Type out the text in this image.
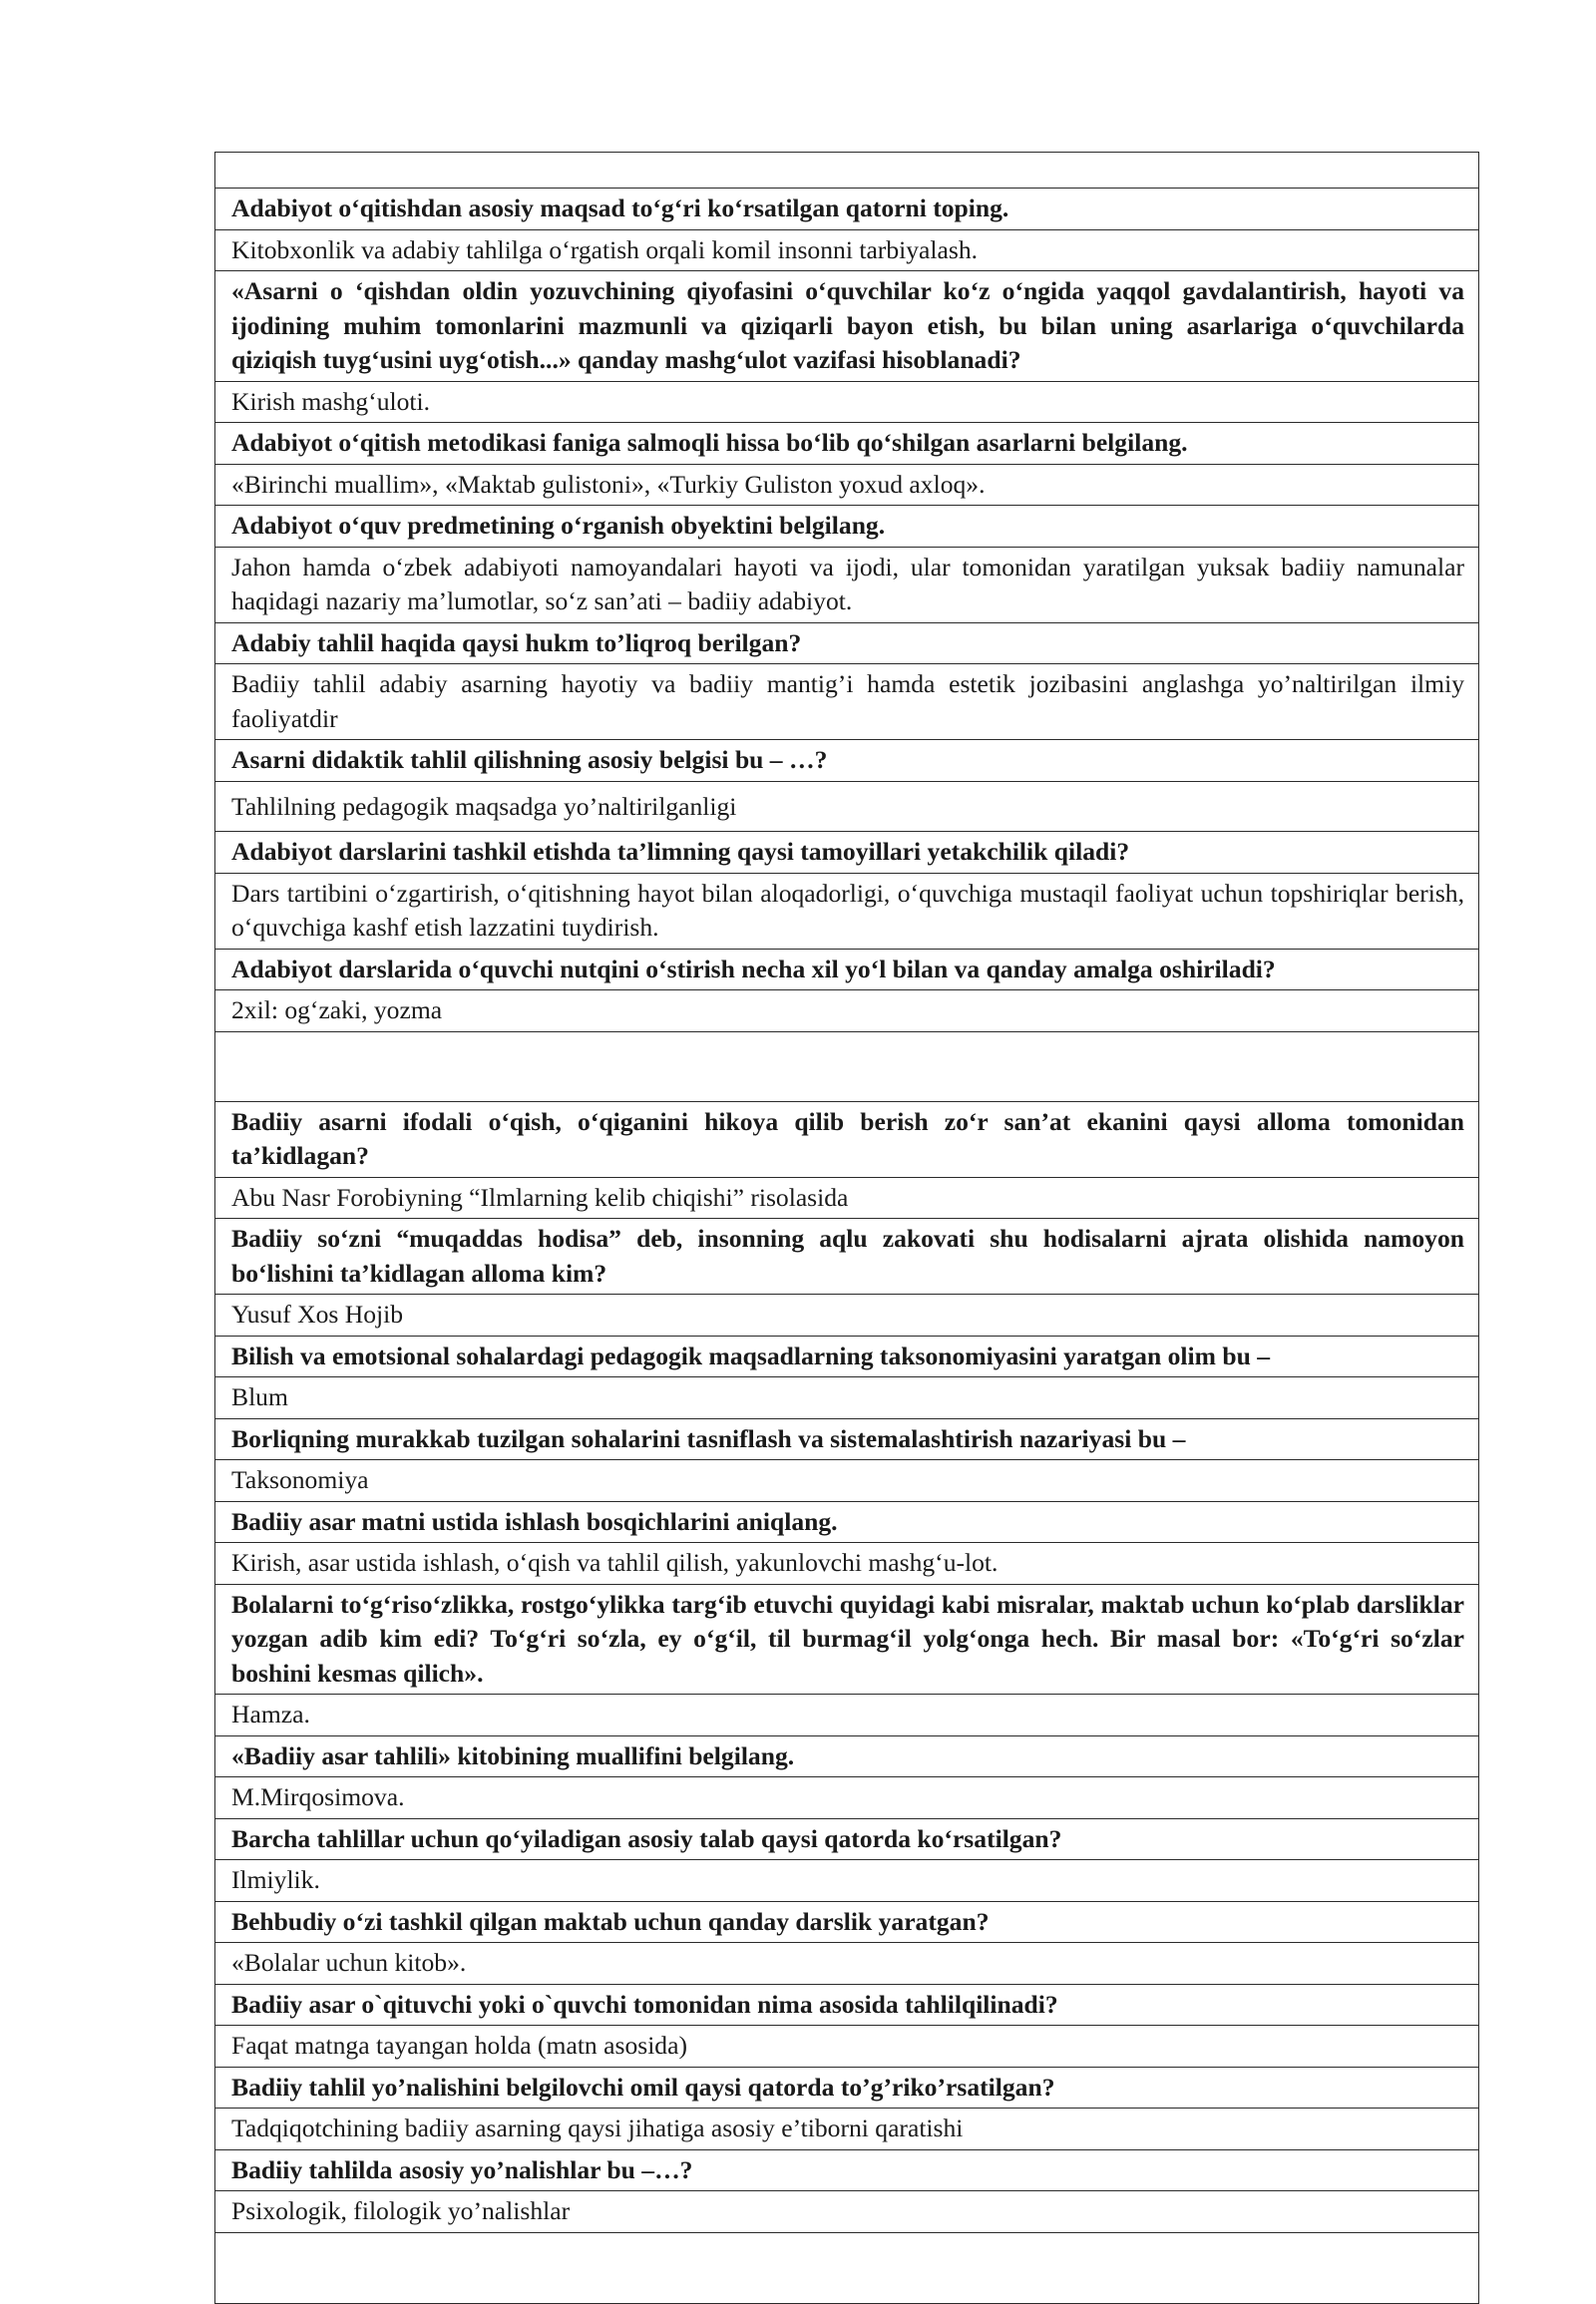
Adabiyot o‘qitishdan asosiy maqsad to‘g‘ri ko‘rsatilgan qatorni toping.
Kitobxonlik va adabiy tahlilga o‘rgatish orqali komil insonni tarbiyalash.
«Asarni o ‘qishdan oldin yozuvchining qiyofasini o‘quvchilar ko‘z o‘ngida yaqqol gavdalantirish, hayoti va ijodining muhim tomonlarini mazmunli va qiziqarli bayon etish, bu bilan uning asarlariga o‘quvchilarda qiziqish tuyg‘usini uyg‘otish...» qanday mashg‘ulot vazifasi hisoblanadi?
Kirish mashg‘uloti.
Adabiyot o‘qitish metodikasi faniga salmoqli hissa bo‘lib qo‘shilgan asarlarni belgilang.
«Birinchi muallim», «Maktab gulistoni», «Turkiy Guliston yoxud axloq».
Adabiyot o‘quv predmetining o‘rganish obyektini belgilang.
Jahon hamda o‘zbek adabiyoti namoyandalari hayoti va ijodi, ular tomonidan yaratilgan yuksak badiiy namunalar haqidagi nazariy ma’lumotlar, so‘z san’ati – badiiy adabiyot.
Adabiy tahlil haqida qaysi hukm to’liqroq berilgan?
Badiiy tahlil adabiy asarning hayotiy va badiiy mantig’i hamda estetik jozibasini anglashga yo’naltirilgan ilmiy faoliyatdir
Asarni didaktik tahlil qilishning asosiy belgisi bu – …?
Tahlilning pedagogik maqsadga yo’naltirilganligi
Adabiyot darslarini tashkil etishda ta’limning qaysi tamoyillari yetakchilik qiladi?
Dars tartibini o‘zgartirish, o‘qitishning hayot bilan aloqadorligi, o‘quvchiga mustaqil faoliyat uchun topshiriqlar berish, o‘quvchiga kashf etish lazzatini tuydirish.
Adabiyot darslarida o‘quvchi nutqini o‘stirish necha xil yo‘l bilan va qanday amalga oshiriladi?
2xil: og‘zaki, yozma
Badiiy asarni ifodali o‘qish, o‘qiganini hikoya qilib berish zo‘r san’at ekanini qaysi alloma tomonidan ta’kidlagan?
Abu Nasr Forobiyning “Ilmlarning kelib chiqishi” risolasida
Badiiy so‘zni “muqaddas hodisa” deb, insonning aqlu zakovati shu hodisalarni ajrata olishida namoyon bo‘lishini ta’kidlagan alloma kim?
Yusuf Xos Hojib
Bilish va emotsional sohalardagi pedagogik maqsadlarning taksonomiyasini yaratgan olim bu –
Blum
Borliqning murakkab tuzilgan sohalarini tasniflash va sistemalashtirish nazariyasi bu –
Taksonomiya
Badiiy asar matni ustida ishlash bosqichlarini aniqlang.
Kirish, asar ustida ishlash, o‘qish va tahlil qilish, yakunlovchi mashg‘u-lot.
Bolalarni to‘g‘riso‘zlikka, rostgo‘ylikka targ‘ib etuvchi quyidagi kabi misralar, maktab uchun ko‘plab darsliklar yozgan adib kim edi? To‘g‘ri so‘zla, ey o‘g‘il, til burmag‘il yolg‘onga hech. Bir masal bor: «To‘g‘ri so‘zlar boshini kesmas qilich».
Hamza.
«Badiiy asar tahlili» kitobining muallifini belgilang.
M.Mirqosimova.
Barcha tahlillar uchun qo‘yiladigan asosiy talab qaysi qatorda ko‘rsatilgan?
Ilmiylik.
Behbudiy o‘zi tashkil qilgan maktab uchun qanday darslik yaratgan?
«Bolalar uchun kitob».
Badiiy asar o`qituvchi yoki o`quvchi tomonidan nima asosida tahlilqilinadi?
Faqat matnga tayangan holda (matn asosida)
Badiiy tahlil yo’nalishini belgilovchi omil qaysi qatorda to’g’riko’rsatilgan?
Tadqiqotchining badiiy asarning qaysi jihatiga asosiy e’tiborni qaratishi
Badiiy tahlilda asosiy yo’nalishlar bu –…?
Psixologik, filologik yo’nalishlar
